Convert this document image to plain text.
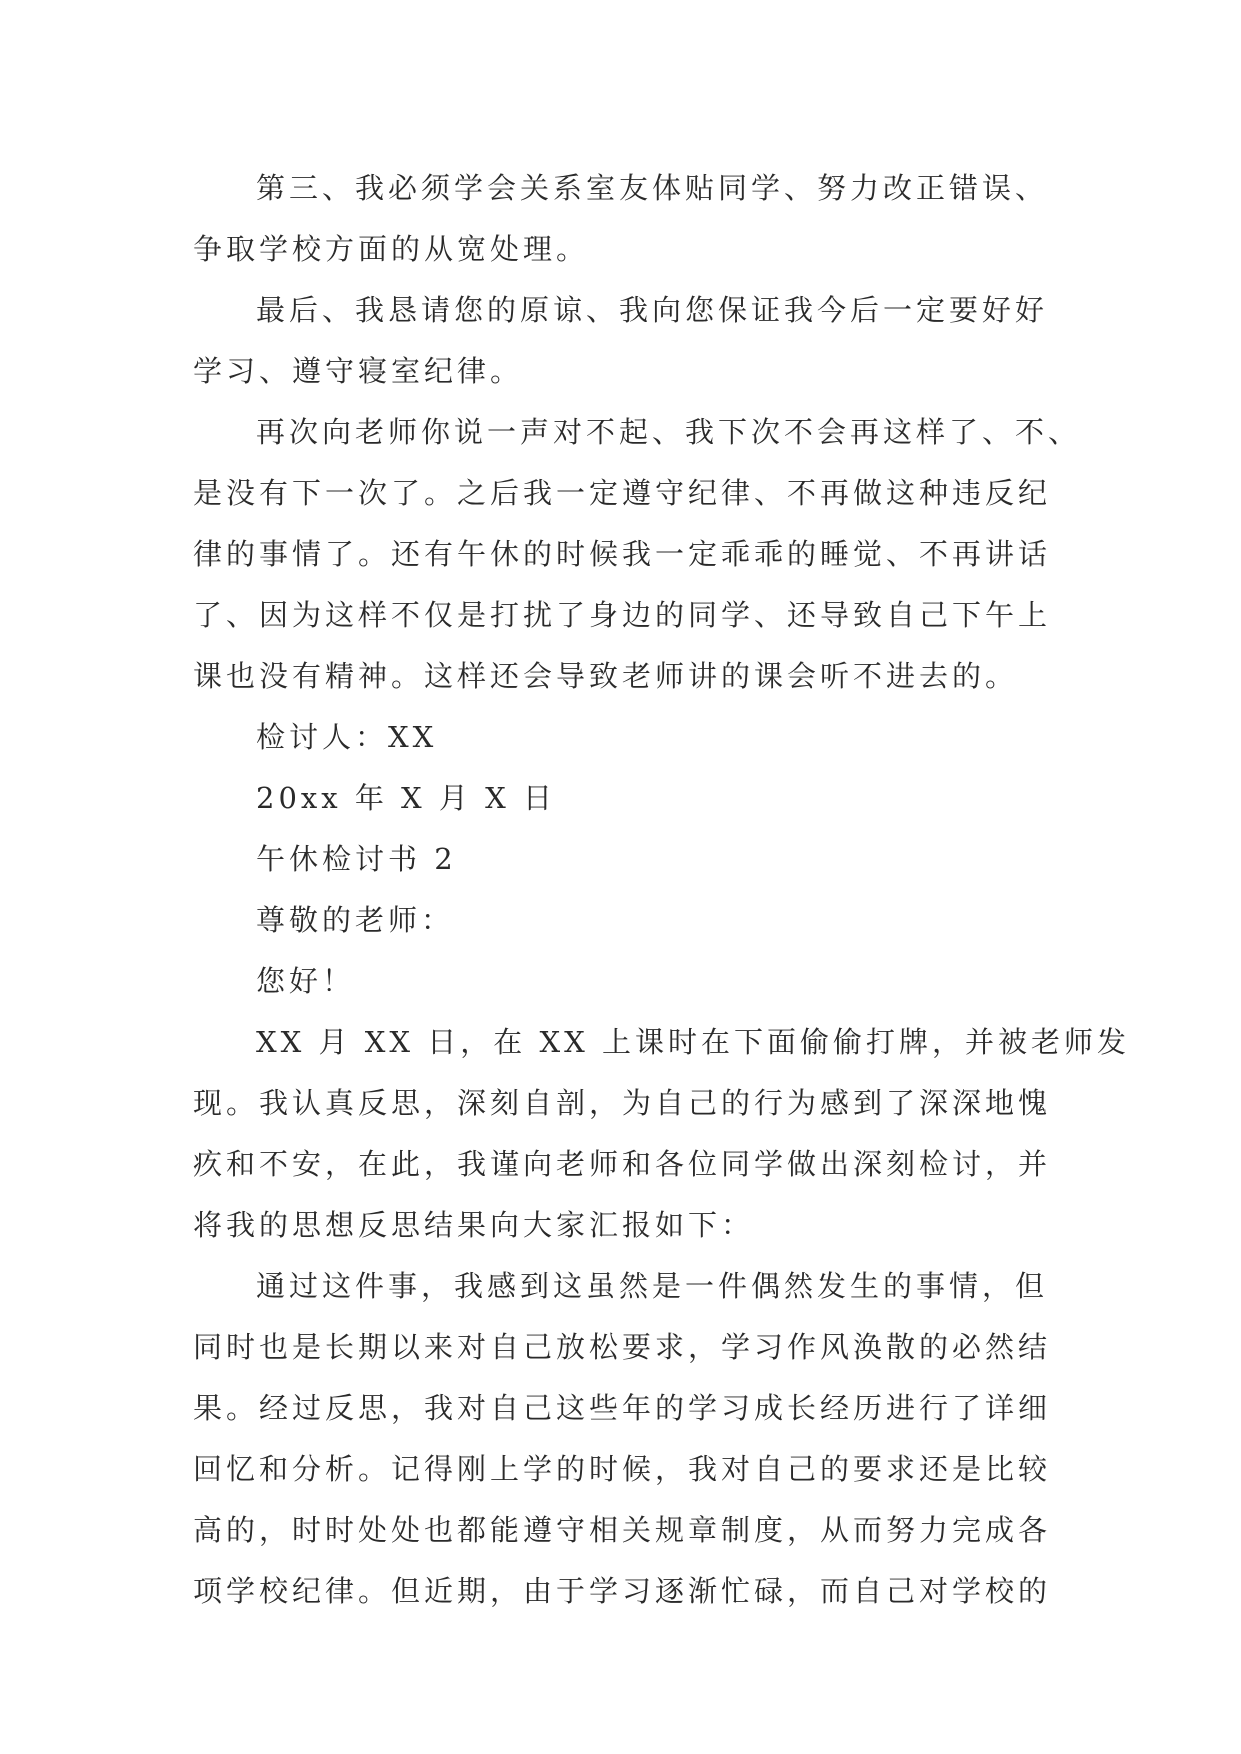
第三、我必须学会关系室友体贴同学、努力改正错误、

争取学校方面的从宽处理。

最后、我恳请您的原谅、我向您保证我今后一定要好好

学习、遵守寝室纪律。

再次向老师你说一声对不起、我下次不会再这样了、不、

是没有下一次了。之后我一定遵守纪律、不再做这种违反纪

律的事情了。还有午休的时候我一定乖乖的睡觉、不再讲话

了、因为这样不仅是打扰了身边的同学、还导致自己下午上

课也没有精神。这样还会导致老师讲的课会听不进去的。

检讨人：XX

20xx 年 X 月 X 日

午休检讨书 2

尊敬的老师：

您好！

XX 月 XX 日，在 XX 上课时在下面偷偷打牌，并被老师发

现。我认真反思，深刻自剖，为自己的行为感到了深深地愧

疚和不安，在此，我谨向老师和各位同学做出深刻检讨，并

将我的思想反思结果向大家汇报如下：

通过这件事，我感到这虽然是一件偶然发生的事情，但

同时也是长期以来对自己放松要求，学习作风涣散的必然结

果。经过反思，我对自己这些年的学习成长经历进行了详细

回忆和分析。记得刚上学的时候，我对自己的要求还是比较

高的，时时处处也都能遵守相关规章制度，从而努力完成各

项学校纪律。但近期，由于学习逐渐忙碌，而自己对学校的
